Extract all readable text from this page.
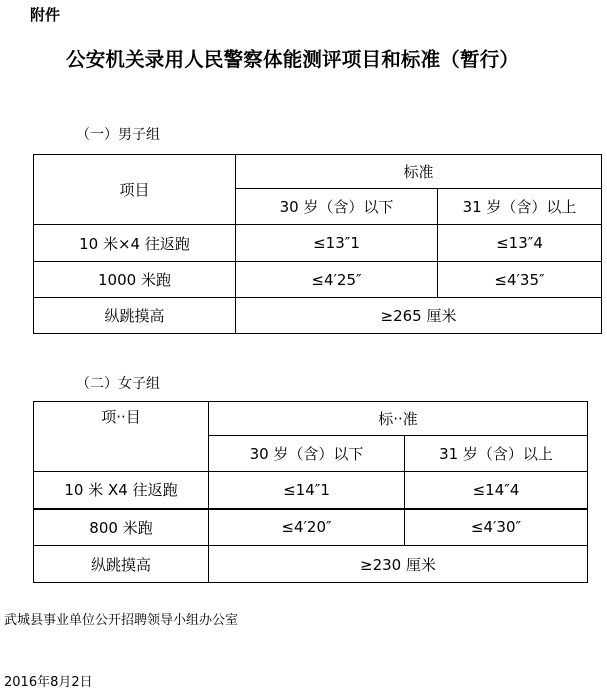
附件
公安机关录用人民警察体能测评项目和标准（暂行）
（一）男子组
项目	标准	
	30 岁（含）以下	31 岁（含）以上
10 米×4 往返跑	≤13″1	≤13″4
1000 米跑	≤4′25″	≤4′35″
纵跳摸高	≥265 厘米	
（二）女子组
项··目	标··准	
	30 岁（含）以下	31 岁（含）以上
10 米 X4 往返跑	≤14″1	≤14″4
800 米跑	≤4′20″	≤4′30″
纵跳摸高	≥230 厘米	
武城县事业单位公开招聘领导小组办公室
2016年8月2日
